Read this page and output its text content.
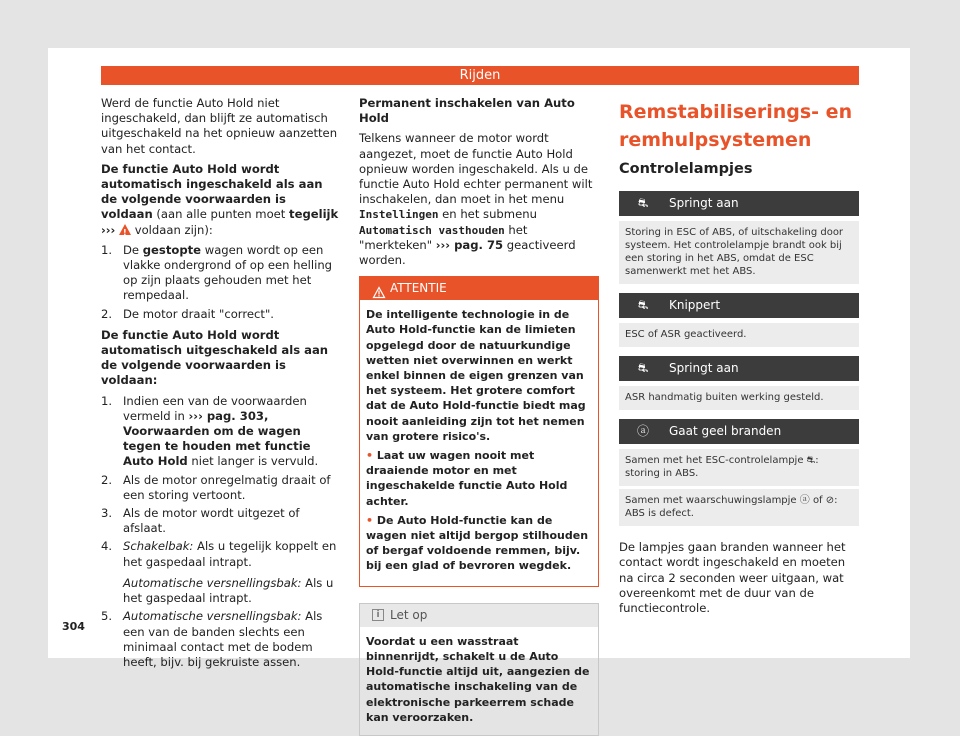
Rijden

Werd de functie Auto Hold niet ingeschakeld, dan blijft ze automatisch uitgeschakeld na het opnieuw aanzetten van het contact.

De functie Auto Hold wordt automatisch ingeschakeld als aan de volgende voorwaarden is voldaan (aan alle punten moet tegelijk ››› ! voldaan zijn):

1. De gestopte wagen wordt op een vlakke ondergrond of op een helling op zijn plaats gehouden met het rempedaal.
2. De motor draait "correct".

De functie Auto Hold wordt automatisch uitgeschakeld als aan de volgende voorwaarden is voldaan:

1. Indien een van de voorwaarden vermeld in ››› pag. 303, Voorwaarden om de wagen tegen te houden met functie Auto Hold niet langer is vervuld.
2. Als de motor onregelmatig draait of een storing vertoont.
3. Als de motor wordt uitgezet of afslaat.
4. Schakelbak: Als u tegelijk koppelt en het gaspedaal intrapt.
Automatische versnellingsbak: Als u het gaspedaal intrapt.
5. Automatische versnellingsbak: Als een van de banden slechts een minimaal contact met de bodem heeft, bijv. bij gekruiste assen.

Permanent inschakelen van Auto Hold

Telkens wanneer de motor wordt aangezet, moet de functie Auto Hold opnieuw worden ingeschakeld. Als u de functie Auto Hold echter permanent wilt inschakelen, dan moet in het menu Instellingen en het submenu Automatisch vasthouden het "merkteken" ››› pag. 75 geactiveerd worden.

ATTENTIE

De intelligente technologie in de Auto Hold-functie kan de limieten opgelegd door de natuurkundige wetten niet overwinnen en werkt enkel binnen de eigen grenzen van het systeem. Het grotere comfort dat de Auto Hold-functie biedt mag nooit aanleiding zijn tot het nemen van grotere risico's.

• Laat uw wagen nooit met draaiende motor en met ingeschakelde functie Auto Hold achter.

• De Auto Hold-functie kan de wagen niet altijd bergop stilhouden of bergaf voldoende remmen, bijv. bij een glad of bevroren wegdek.

i Let op
Voordat u een wasstraat binnenrijdt, schakelt u de Auto Hold-functie altijd uit, aangezien de automatische inschakeling van de elektronische parkeerrem schade kan veroorzaken.
Remstabiliserings- en remhulpsystemen
Controlelampjes
⛐	Springt aan
Storing in ESC of ABS, of uitschakeling door systeem. Het controlelampje brandt ook bij een storing in het ABS, omdat de ESC samenwerkt met het ABS.
⛐	Knippert
ESC of ASR geactiveerd.
⛐	Springt aan
ASR handmatig buiten werking gesteld.
ⓐ	Gaat geel branden
Samen met het ESC-controlelampje ⛐: storing in ABS.
Samen met waarschuwingslampje ⓐ of ⊘: ABS is defect.

De lampjes gaan branden wanneer het contact wordt ingeschakeld en moeten na circa 2 seconden weer uitgaan, wat overeenkomt met de duur van de functiecontrole.

304
